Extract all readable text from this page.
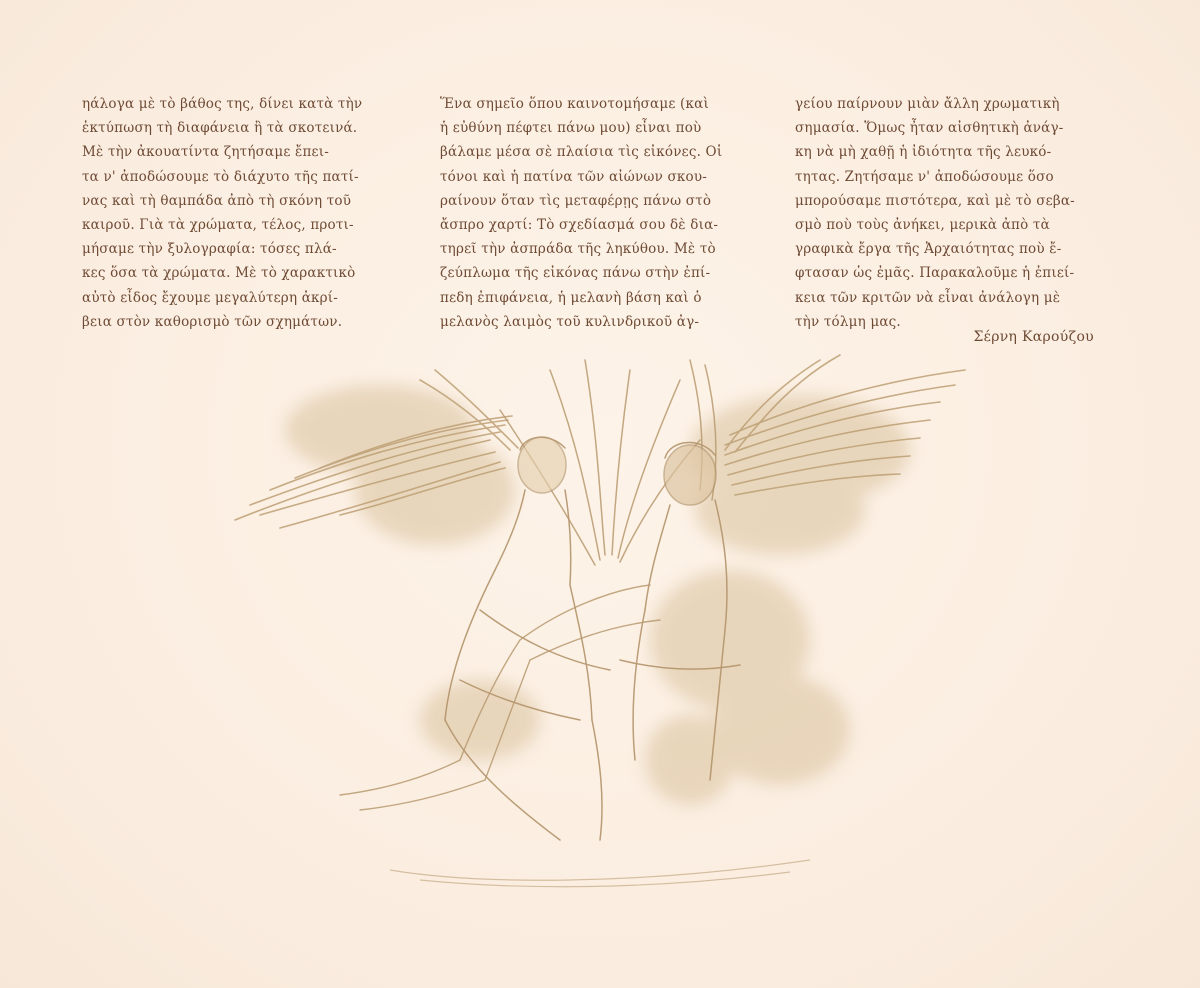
ηάλογα μὲ τὸ βάθος της, δίνει κατὰ τὴν
ἐκτύπωση τὴ διαφάνεια ἢ τὰ σκοτεινά.
Μὲ τὴν ἀκουατίντα ζητήσαμε ἔπει-
τα ν' ἀποδώσουμε τὸ διάχυτο τῆς πατί-
νας καὶ τὴ θαμπάδα ἀπὸ τὴ σκόνη τοῦ
καιροῦ. Γιὰ τὰ χρώματα, τέλος, προτι-
μήσαμε τὴν ξυλογραφία: τόσες πλά-
κες ὅσα τὰ χρώματα. Μὲ τὸ χαρακτικὸ
αὐτὸ εἶδος ἔχουμε μεγαλύτερη ἀκρί-
βεια στὸν καθορισμὸ τῶν σχημάτων.
Ἕνα σημεῖο ὅπου καινοτομήσαμε (καὶ
ἡ εὐθύνη πέφτει πάνω μου) εἶναι ποὺ
βάλαμε μέσα σὲ πλαίσια τὶς εἰκόνες. Οἱ
τόνοι καὶ ἡ πατίνα τῶν αἰώνων σκου-
ραίνουν ὅταν τὶς μεταφέρῃς πάνω στὸ
ἄσπρο χαρτί: Τὸ σχεδίασμά σου δὲ δια-
τηρεῖ τὴν ἀσπράδα τῆς ληκύθου. Μὲ τὸ
ζεύπλωμα τῆς εἰκόνας πάνω στὴν ἐπί-
πεδη ἐπιφάνεια, ἡ μελανὴ βάση καὶ ὁ
μελανὸς λαιμὸς τοῦ κυλινδρικοῦ ἀγ-
γείου παίρνουν μιὰν ἄλλη χρωματικὴ
σημασία. Ὅμως ἦταν αἰσθητικὴ ἀνάγ-
κη νὰ μὴ χαθῇ ἡ ἰδιότητα τῆς λευκό-
τητας. Ζητήσαμε ν' ἀποδώσουμε ὅσο
μπορούσαμε πιστότερα, καὶ μὲ τὸ σεβα-
σμὸ ποὺ τοὺς ἀνήκει, μερικὰ ἀπὸ τὰ
γραφικὰ ἔργα τῆς Ἀρχαιότητας ποὺ ἔ-
φτασαν ὡς ἐμᾶς. Παρακαλοῦμε ἡ ἐπιεί-
κεια τῶν κριτῶν νὰ εἶναι ἀνάλογη μὲ
τὴν τόλμη μας.
Σέρνη Καρούζου
